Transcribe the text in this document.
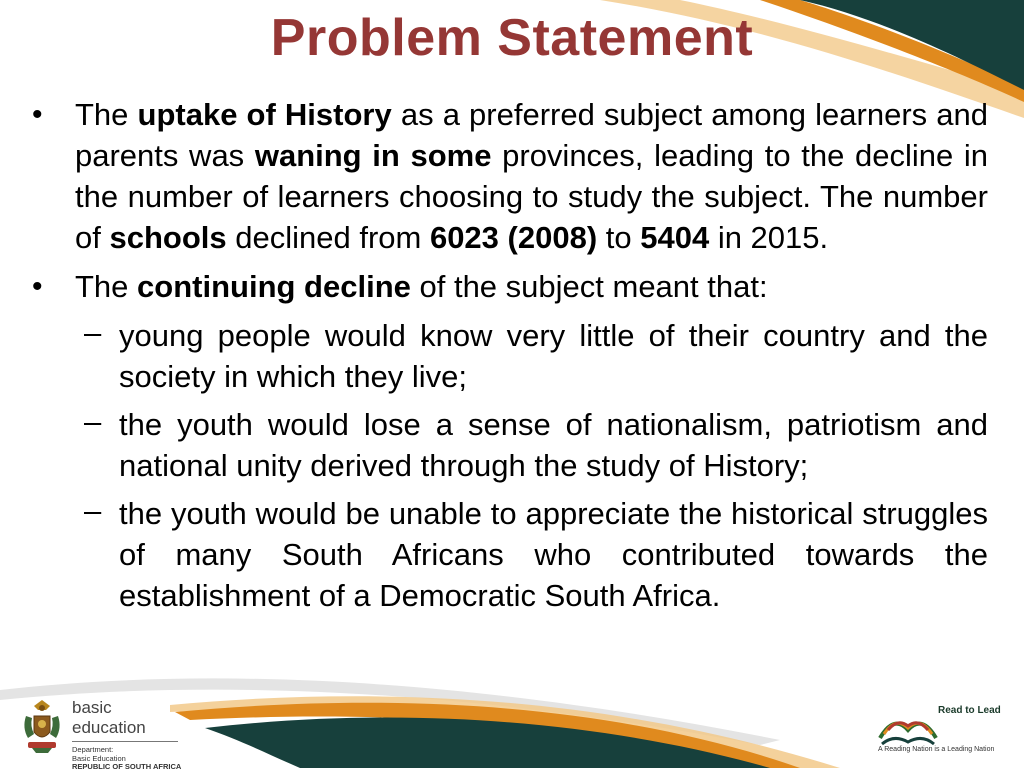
Problem Statement
• The uptake of History as a preferred subject among learners and parents was waning in some provinces, leading to the decline in the number of learners choosing to study the subject. The number of schools declined from 6023 (2008) to 5404 in 2015.
• The continuing decline of the subject meant that:
– young people would know very little of their country and the society in which they live;
– the youth would lose a sense of nationalism, patriotism and national unity derived through the study of History;
– the youth would be unable to appreciate the historical struggles of many South Africans who contributed towards the establishment of a Democratic South Africa.
basic education
Department:
Basic Education
REPUBLIC OF SOUTH AFRICA
Read to Lead
A Reading Nation is a Leading Nation
